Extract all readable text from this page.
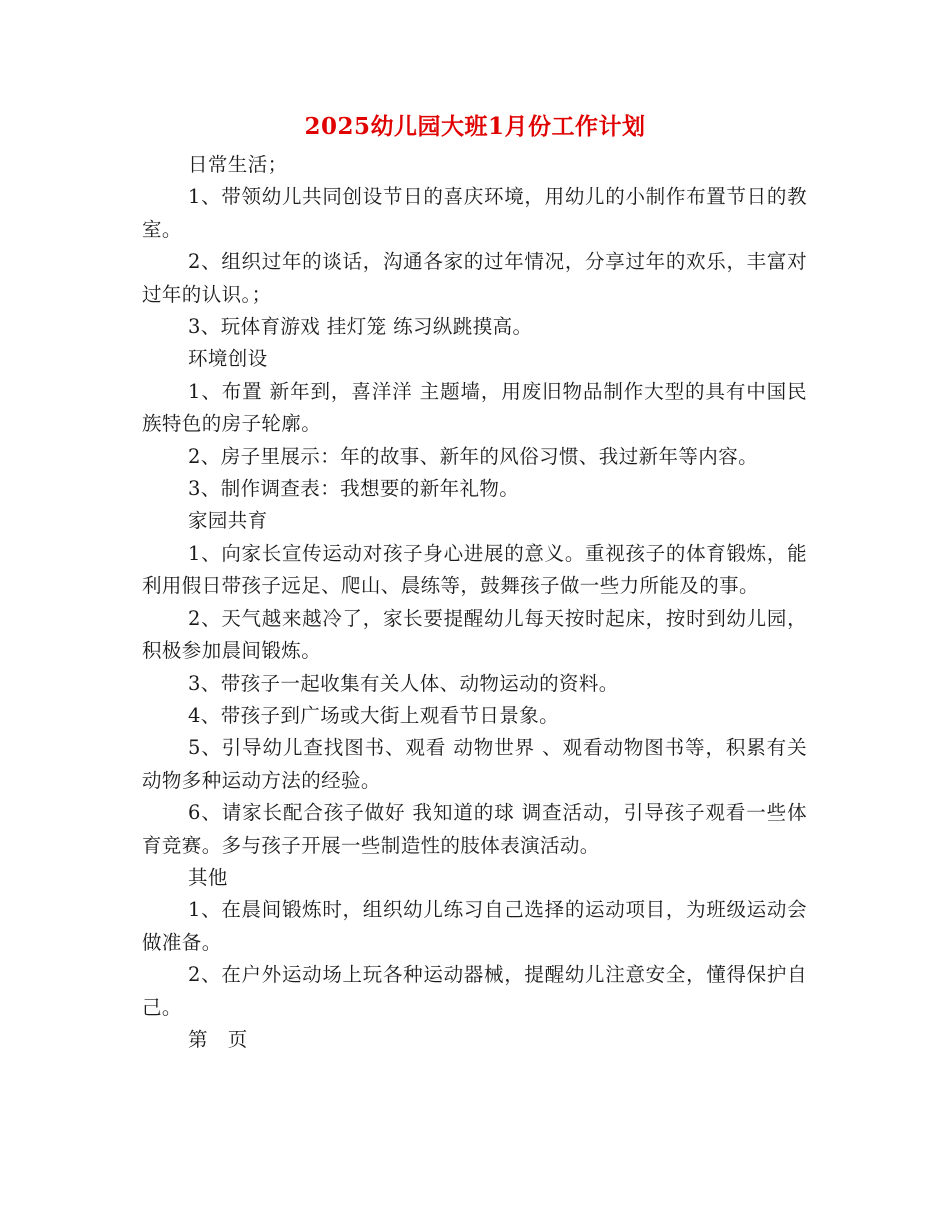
2025幼儿园大班1月份工作计划

日常生活；

1、带领幼儿共同创设节日的喜庆环境，用幼儿的小制作布置节日的教室。

2、组织过年的谈话，沟通各家的过年情况，分享过年的欢乐，丰富对过年的认识。；

3、玩体育游戏 挂灯笼 练习纵跳摸高。

环境创设

1、布置 新年到，喜洋洋 主题墙，用废旧物品制作大型的具有中国民族特色的房子轮廓。

2、房子里展示：年的故事、新年的风俗习惯、我过新年等内容。

3、制作调查表：我想要的新年礼物。

家园共育

1、向家长宣传运动对孩子身心进展的意义。重视孩子的体育锻炼，能利用假日带孩子远足、爬山、晨练等，鼓舞孩子做一些力所能及的事。

2、天气越来越冷了，家长要提醒幼儿每天按时起床，按时到幼儿园，积极参加晨间锻炼。

3、带孩子一起收集有关人体、动物运动的资料。

4、带孩子到广场或大街上观看节日景象。

5、引导幼儿查找图书、观看 动物世界 、观看动物图书等，积累有关动物多种运动方法的经验。

6、请家长配合孩子做好 我知道的球 调查活动，引导孩子观看一些体育竞赛。多与孩子开展一些制造性的肢体表演活动。

其他

1、在晨间锻炼时，组织幼儿练习自己选择的运动项目，为班级运动会做准备。

2、在户外运动场上玩各种运动器械，提醒幼儿注意安全，懂得保护自己。

第　页
